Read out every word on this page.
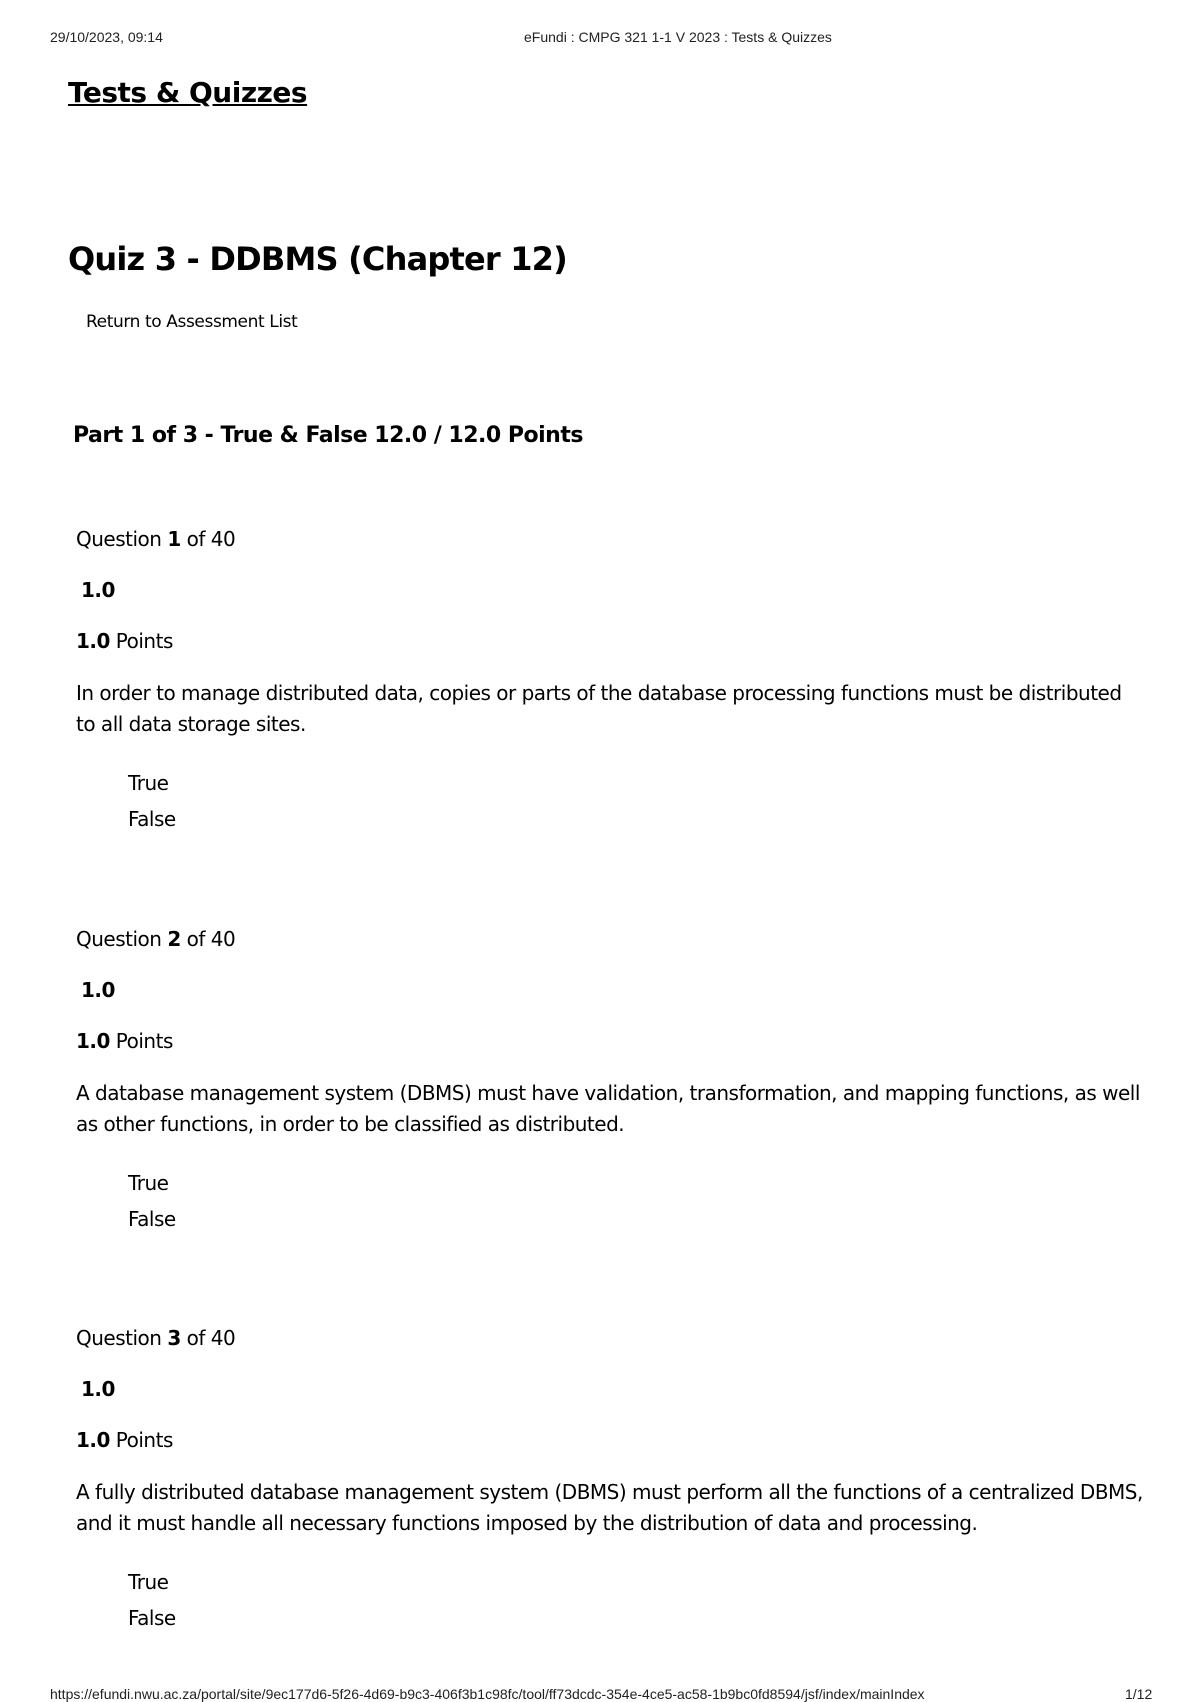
29/10/2023, 09:14	eFundi : CMPG 321 1-1 V 2023 : Tests & Quizzes
Tests & Quizzes
Quiz 3 - DDBMS (Chapter 12)
Return to Assessment List
Part 1 of 3 - True & False 12.0 / 12.0 Points
Question 1 of 40
1.0
1.0 Points

In order to manage distributed data, copies or parts of the database processing functions must be distributed to all data storage sites.

True
False
Question 2 of 40
1.0
1.0 Points

A database management system (DBMS) must have validation, transformation, and mapping functions, as well as other functions, in order to be classified as distributed.

True
False
Question 3 of 40
1.0
1.0 Points

A fully distributed database management system (DBMS) must perform all the functions of a centralized DBMS, and it must handle all necessary functions imposed by the distribution of data and processing.

True
False
https://efundi.nwu.ac.za/portal/site/9ec177d6-5f26-4d69-b9c3-406f3b1c98fc/tool/ff73dcdc-354e-4ce5-ac58-1b9bc0fd8594/jsf/index/mainIndex	1/12
